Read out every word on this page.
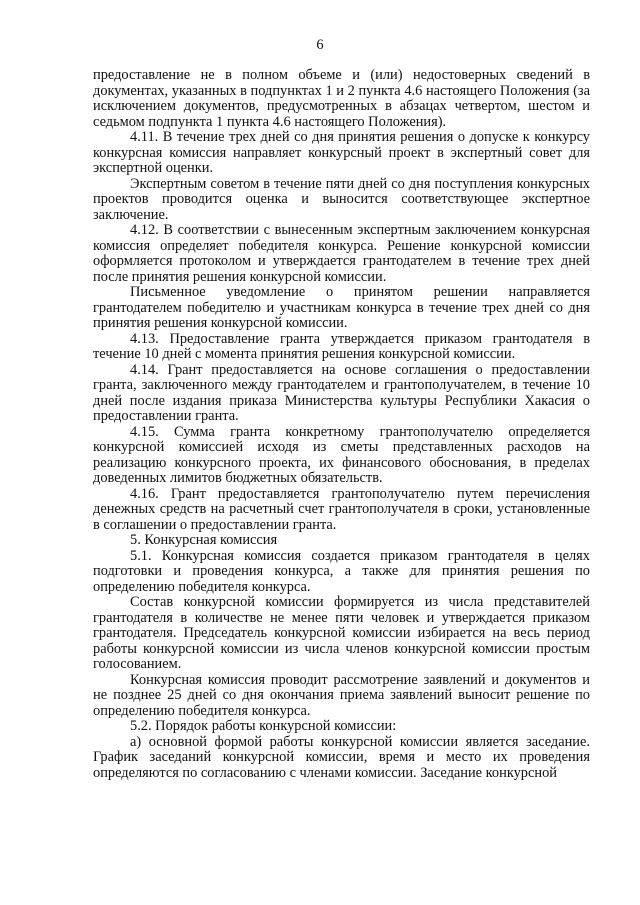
6

предоставление не в полном объеме и (или) недостоверных сведений в документах, указанных в подпунктах 1 и 2 пункта 4.6 настоящего Положения (за исключением документов, предусмотренных в абзацах четвертом, шестом и седьмом подпункта 1 пункта 4.6 настоящего Положения).

4.11. В течение трех дней со дня принятия решения о допуске к конкурсу конкурсная комиссия направляет конкурсный проект в экспертный совет для экспертной оценки.

Экспертным советом в течение пяти дней со дня поступления конкурсных проектов проводится оценка и выносится соответствующее экспертное заключение.

4.12. В соответствии с вынесенным экспертным заключением конкурсная комиссия определяет победителя конкурса. Решение конкурсной комиссии оформляется протоколом и утверждается грантодателем в течение трех дней после принятия решения конкурсной комиссии.

Письменное уведомление о принятом решении направляется грантодателем победителю и участникам конкурса в течение трех дней со дня принятия решения конкурсной комиссии.

4.13. Предоставление гранта утверждается приказом грантодателя в течение 10 дней с момента принятия решения конкурсной комиссии.

4.14. Грант предоставляется на основе соглашения о предоставлении гранта, заключенного между грантодателем и грантополучателем, в течение 10 дней после издания приказа Министерства культуры Республики Хакасия о предоставлении гранта.

4.15. Сумма гранта конкретному грантополучателю определяется конкурсной комиссией исходя из сметы представленных расходов на реализацию конкурсного проекта, их финансового обоснования, в пределах доведенных лимитов бюджетных обязательств.

4.16. Грант предоставляется грантополучателю путем перечисления денежных средств на расчетный счет грантополучателя в сроки, установленные в соглашении о предоставлении гранта.

5. Конкурсная комиссия

5.1. Конкурсная комиссия создается приказом грантодателя в целях подготовки и проведения конкурса, а также для принятия решения по определению победителя конкурса.

Состав конкурсной комиссии формируется из числа представителей грантодателя в количестве не менее пяти человек и утверждается приказом грантодателя. Председатель конкурсной комиссии избирается на весь период работы конкурсной комиссии из числа членов конкурсной комиссии простым голосованием.

Конкурсная комиссия проводит рассмотрение заявлений и документов и не позднее 25 дней со дня окончания приема заявлений выносит решение по определению победителя конкурса.

5.2. Порядок работы конкурсной комиссии:

а) основной формой работы конкурсной комиссии является заседание. График заседаний конкурсной комиссии, время и место их проведения определяются по согласованию с членами комиссии. Заседание конкурсной
